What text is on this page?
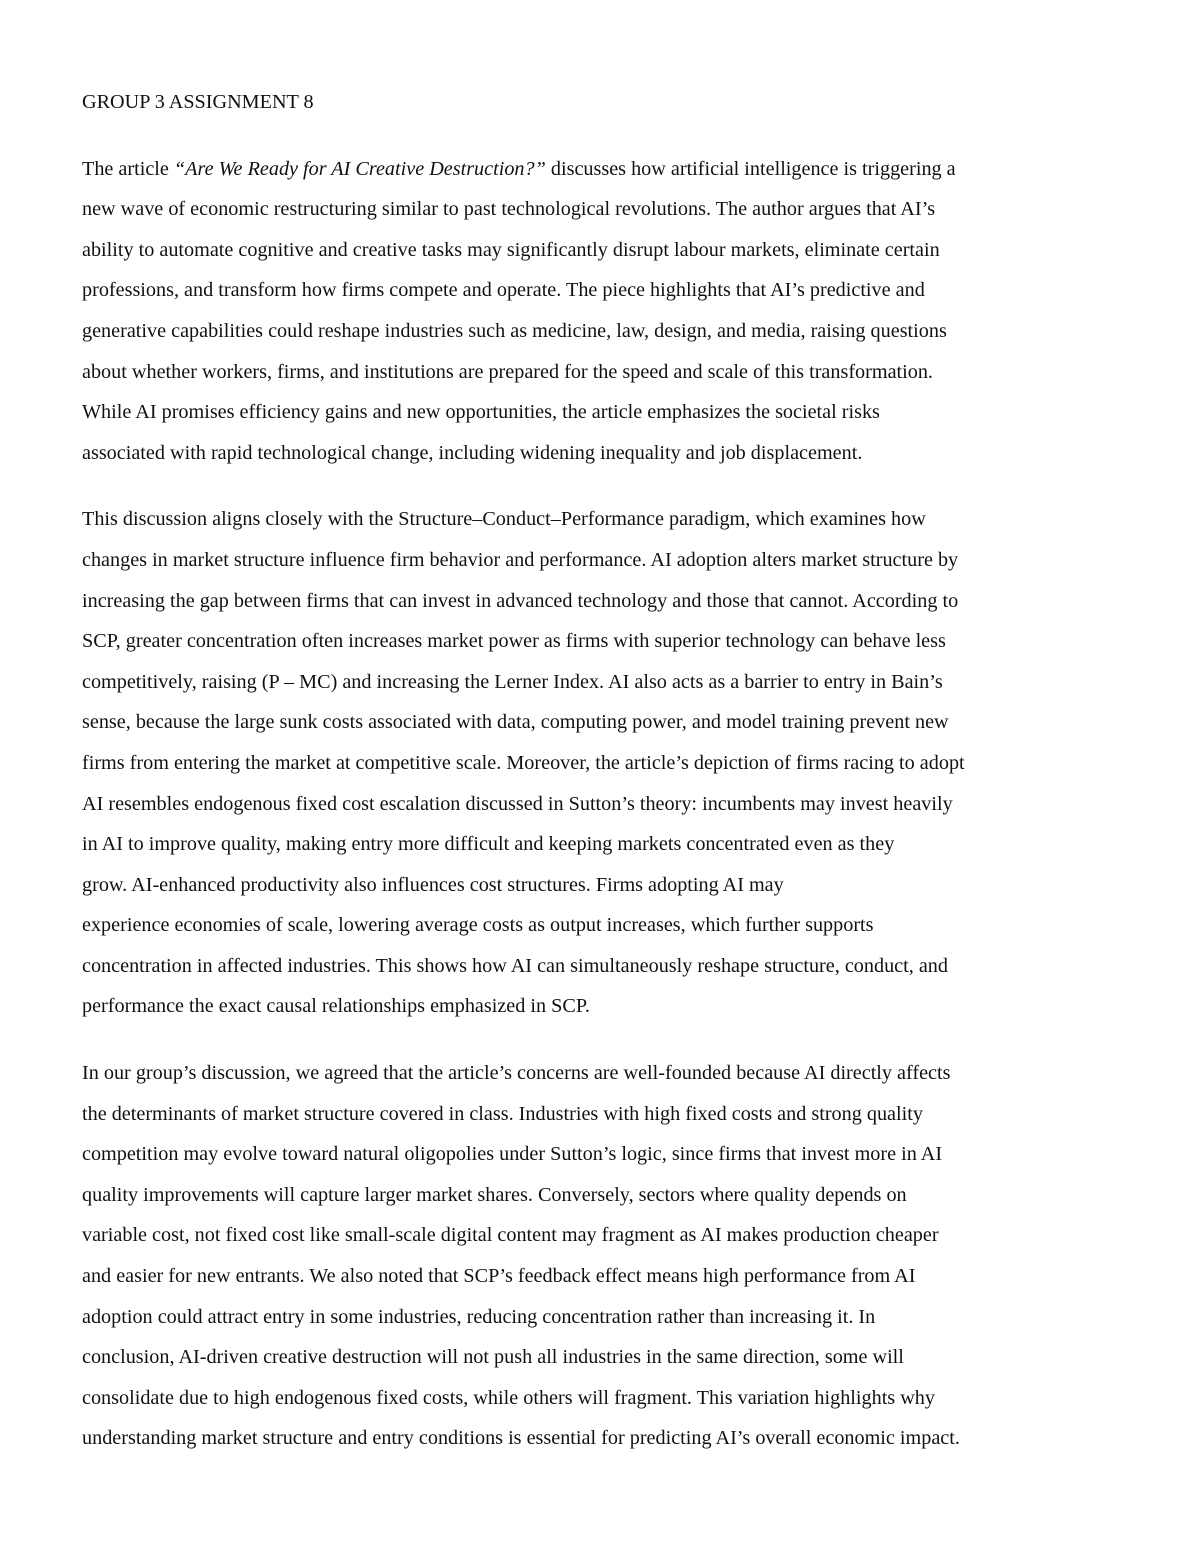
GROUP 3 ASSIGNMENT 8
The article “Are We Ready for AI Creative Destruction?” discusses how artificial intelligence is triggering a
new wave of economic restructuring similar to past technological revolutions. The author argues that AI’s
ability to automate cognitive and creative tasks may significantly disrupt labour markets, eliminate certain
professions, and transform how firms compete and operate. The piece highlights that AI’s predictive and
generative capabilities could reshape industries such as medicine, law, design, and media, raising questions
about whether workers, firms, and institutions are prepared for the speed and scale of this transformation.
While AI promises efficiency gains and new opportunities, the article emphasizes the societal risks
associated with rapid technological change, including widening inequality and job displacement.
This discussion aligns closely with the Structure–Conduct–Performance paradigm, which examines how
changes in market structure influence firm behavior and performance. AI adoption alters market structure by
increasing the gap between firms that can invest in advanced technology and those that cannot. According to
SCP, greater concentration often increases market power as firms with superior technology can behave less
competitively, raising (P – MC) and increasing the Lerner Index. AI also acts as a barrier to entry in Bain’s
sense, because the large sunk costs associated with data, computing power, and model training prevent new
firms from entering the market at competitive scale. Moreover, the article’s depiction of firms racing to adopt
AI resembles endogenous fixed cost escalation discussed in Sutton’s theory: incumbents may invest heavily
in AI to improve quality, making entry more difficult and keeping markets concentrated even as they
grow. AI-enhanced productivity also influences cost structures. Firms adopting AI may
experience economies of scale, lowering average costs as output increases, which further supports
concentration in affected industries. This shows how AI can simultaneously reshape structure, conduct, and
performance the exact causal relationships emphasized in SCP.
In our group’s discussion, we agreed that the article’s concerns are well-founded because AI directly affects
the determinants of market structure covered in class. Industries with high fixed costs and strong quality
competition may evolve toward natural oligopolies under Sutton’s logic, since firms that invest more in AI
quality improvements will capture larger market shares. Conversely, sectors where quality depends on
variable cost, not fixed cost like small-scale digital content may fragment as AI makes production cheaper
and easier for new entrants. We also noted that SCP’s feedback effect means high performance from AI
adoption could attract entry in some industries, reducing concentration rather than increasing it. In
conclusion, AI-driven creative destruction will not push all industries in the same direction, some will
consolidate due to high endogenous fixed costs, while others will fragment. This variation highlights why
understanding market structure and entry conditions is essential for predicting AI’s overall economic impact.
